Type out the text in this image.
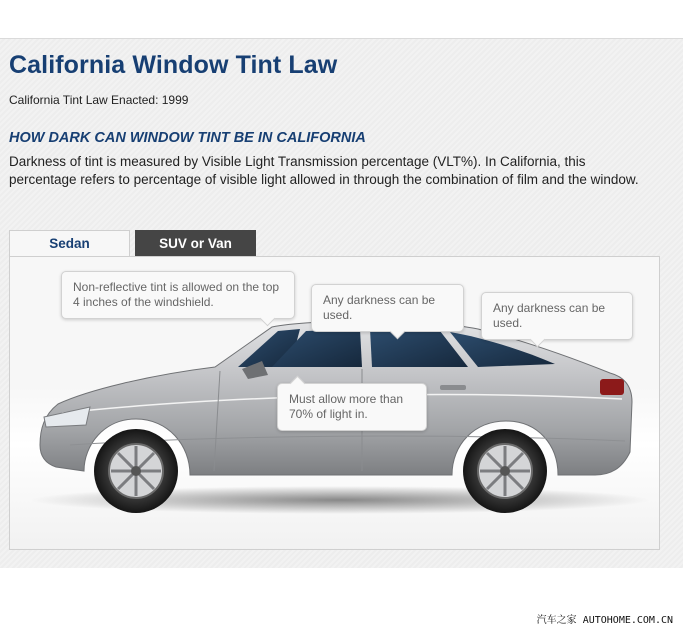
California Window Tint Law
California Tint Law Enacted: 1999
HOW DARK CAN WINDOW TINT BE IN CALIFORNIA

Darkness of tint is measured by Visible Light Transmission percentage (VLT%). In California, this percentage refers to percentage of visible light allowed in through the combination of film and the window.

Sedan	SUV or Van
Non-reflective tint is allowed on the top 4 inches of the windshield.	Any darkness can be used.	Any darkness can be used.
Must allow more than 70% of light in.
汽车之家 AUTOHOME.COM.CN
